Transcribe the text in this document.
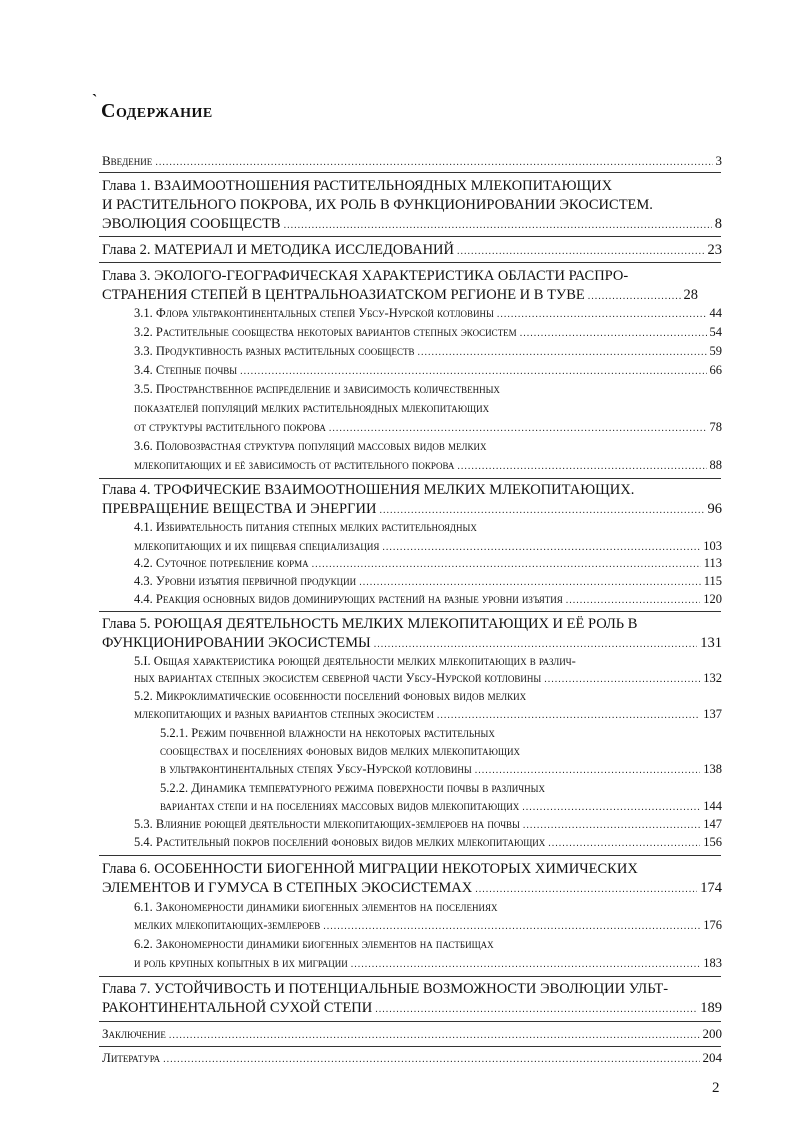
` Содержание
Введение .....	3
Глава 1. ВЗАИМООТНОШЕНИЯ РАСТИТЕЛЬНОЯДНЫХ МЛЕКОПИТАЮЩИХ
И РАСТИТЕЛЬНОГО ПОКРОВА, ИХ РОЛЬ В ФУНКЦИОНИРОВАНИИ ЭКОСИСТЕМ.
ЭВОЛЮЦИЯ СООБЩЕСТВ .....	8
Глава 2. МАТЕРИАЛ И МЕТОДИКА ИССЛЕДОВАНИЙ .....	23
Глава 3. ЭКОЛОГО-ГЕОГРАФИЧЕСКАЯ ХАРАКТЕРИСТИКА ОБЛАСТИ РАСПРО-
СТРАНЕНИЯ СТЕПЕЙ В ЦЕНТРАЛЬНОАЗИАТСКОМ РЕГИОНЕ И В ТУВЕ .....	28
3.1. Флора ультраконтинентальных степей Убсу-Нурской котловины .....	44
3.2. Растительные сообщества некоторых вариантов степных экосистем .....	54
3.3. Продуктивность разных растительных сообществ .....	59
3.4. Степные почвы .....	66
3.5. Пространственное распределение и зависимость количественных
показателей популяций мелких растительноядных млекопитающих
от структуры растительного покрова .....	78
3.6. Половозрастная структура популяций массовых видов мелких
млекопитающих и её зависимость от растительного покрова .....	88
Глава 4. ТРОФИЧЕСКИЕ ВЗАИМООТНОШЕНИЯ МЕЛКИХ МЛЕКОПИТАЮЩИХ.
ПРЕВРАЩЕНИЕ ВЕЩЕСТВА И ЭНЕРГИИ .....	96
4.1. Избирательность питания степных мелких растительноядных
млекопитающих и их пищевая специализация .....	103
4.2. Суточное потребление корма .....	113
4.3. Уровни изъятия первичной продукции .....	115
4.4. Реакция основных видов доминирующих растений на разные уровни изъятия .....	120
Глава 5. РОЮЩАЯ ДЕЯТЕЛЬНОСТЬ МЕЛКИХ МЛЕКОПИТАЮЩИХ И ЕЁ РОЛЬ В
ФУНКЦИОНИРОВАНИИ ЭКОСИСТЕМЫ .....	131
5.I. Общая характеристика роющей деятельности мелких млекопитающих в различ-
ных вариантах степных экосистем северной части Убсу-Нурской котловины .....	132
5.2. Микроклиматические особенности поселений фоновых видов мелких
млекопитающих и разных вариантов степных экосистем .....	137
5.2.1. Режим почвенной влажности на некоторых растительных
сообществах и поселениях фоновых видов мелких млекопитающих
в ультраконтинентальных степях Убсу-Нурской котловины .....	138
5.2.2. Динамика температурного режима поверхности почвы в различных
вариантах степи и на поселениях массовых видов млекопитающих .....	144
5.3. Влияние роющей деятельности млекопитающих-землероев на почвы .....	147
5.4. Растительный покров поселений фоновых видов мелких млекопитающих .....	156
Глава 6. ОСОБЕННОСТИ БИОГЕННОЙ МИГРАЦИИ НЕКОТОРЫХ ХИМИЧЕСКИХ
ЭЛЕМЕНТОВ И ГУМУСА В СТЕПНЫХ ЭКОСИСТЕМАХ .....	174
6.1. Закономерности динамики биогенных элементов на поселениях
мелких млекопитающих-землероев .....	176
6.2. Закономерности динамики биогенных элементов на пастбищах
и роль крупных копытных в их миграции .....	183
Глава 7. УСТОЙЧИВОСТЬ И ПОТЕНЦИАЛЬНЫЕ ВОЗМОЖНОСТИ ЭВОЛЮЦИИ УЛЬТ-
РАКОНТИНЕНТАЛЬНОЙ СУХОЙ СТЕПИ .....	189
Заключение .....	200
Литература .....	204
2
